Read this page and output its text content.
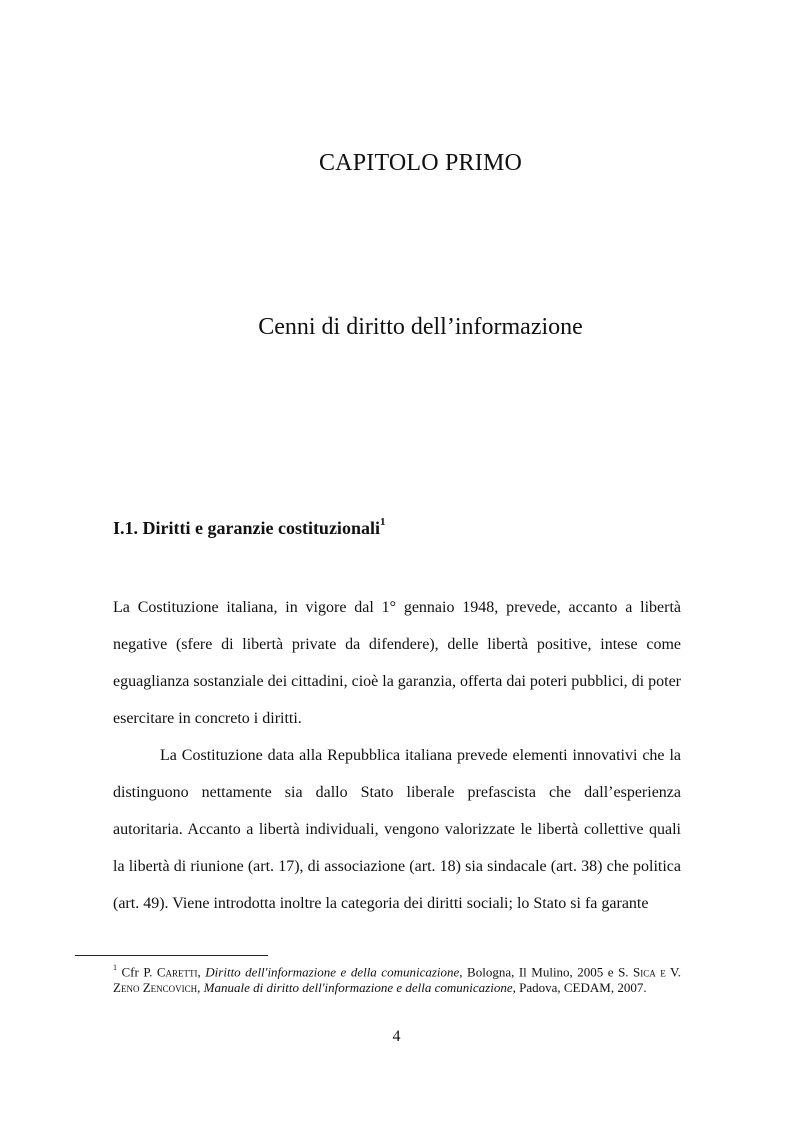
CAPITOLO PRIMO
Cenni di diritto dell’informazione
I.1. Diritti e garanzie costituzionali$^1$

La Costituzione italiana, in vigore dal 1° gennaio 1948, prevede, accanto a libertà negative (sfere di libertà private da difendere), delle libertà positive, intese come eguaglianza sostanziale dei cittadini, cioè la garanzia, offerta dai poteri pubblici, di poter esercitare in concreto i diritti.

La Costituzione data alla Repubblica italiana prevede elementi innovativi che la distinguono nettamente sia dallo Stato liberale prefascista che dall’esperienza autoritaria. Accanto a libertà individuali, vengono valorizzate le libertà collettive quali la libertà di riunione (art. 17), di associazione (art. 18) sia sindacale (art. 38) che politica (art. 49). Viene introdotta inoltre la categoria dei diritti sociali; lo Stato si fa garante

$^1$ Cfr P. Caretti, Diritto dell'informazione e della comunicazione, Bologna, Il Mulino, 2005 e S. Sica e V. Zeno Zencovich, Manuale di diritto dell'informazione e della comunicazione, Padova, CEDAM, 2007.

4
